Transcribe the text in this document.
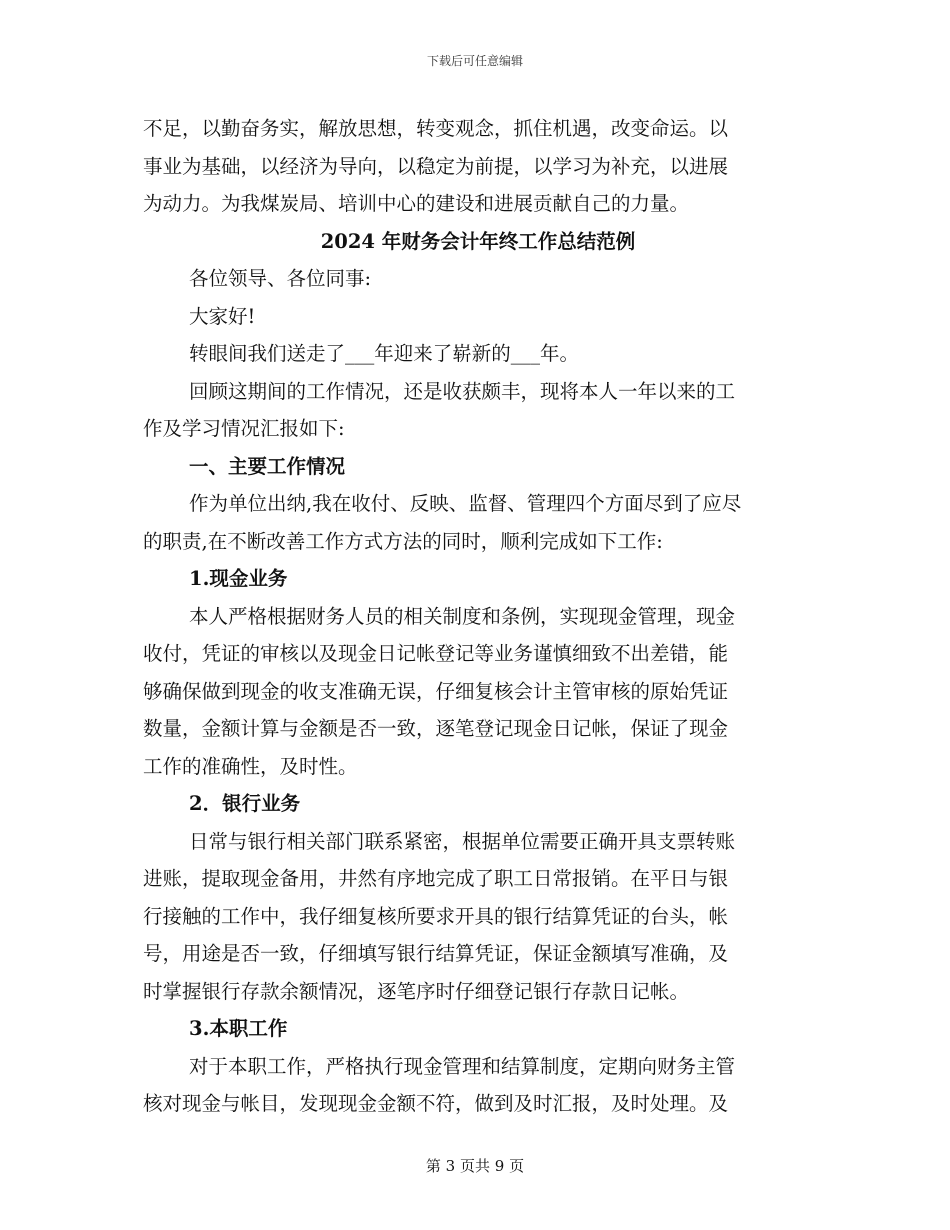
下载后可任意编辑

不足，以勤奋务实，解放思想，转变观念，抓住机遇，改变命运。以
事业为基础，以经济为导向，以稳定为前提，以学习为补充，以进展
为动力。为我煤炭局、培训中心的建设和进展贡献自己的力量。

2024 年财务会计年终工作总结范例

各位领导、各位同事:

大家好!

转眼间我们送走了___年迎来了崭新的___年。

回顾这期间的工作情况，还是收获颇丰，现将本人一年以来的工
作及学习情况汇报如下:

一、主要工作情况

作为单位出纳,我在收付、反映、监督、管理四个方面尽到了应尽
的职责,在不断改善工作方式方法的同时，顺利完成如下工作:

1.现金业务

本人严格根据财务人员的相关制度和条例，实现现金管理，现金
收付，凭证的审核以及现金日记帐登记等业务谨慎细致不出差错，能
够确保做到现金的收支准确无误，仔细复核会计主管审核的原始凭证
数量，金额计算与金额是否一致，逐笔登记现金日记帐，保证了现金
工作的准确性，及时性。

2．银行业务

日常与银行相关部门联系紧密，根据单位需要正确开具支票转账
进账，提取现金备用，井然有序地完成了职工日常报销。在平日与银
行接触的工作中，我仔细复核所要求开具的银行结算凭证的台头，帐
号，用途是否一致，仔细填写银行结算凭证，保证金额填写准确，及
时掌握银行存款余额情况，逐笔序时仔细登记银行存款日记帐。

3.本职工作

对于本职工作，严格执行现金管理和结算制度，定期向财务主管
核对现金与帐目，发现现金金额不符，做到及时汇报，及时处理。及

第 3 页共 9 页
